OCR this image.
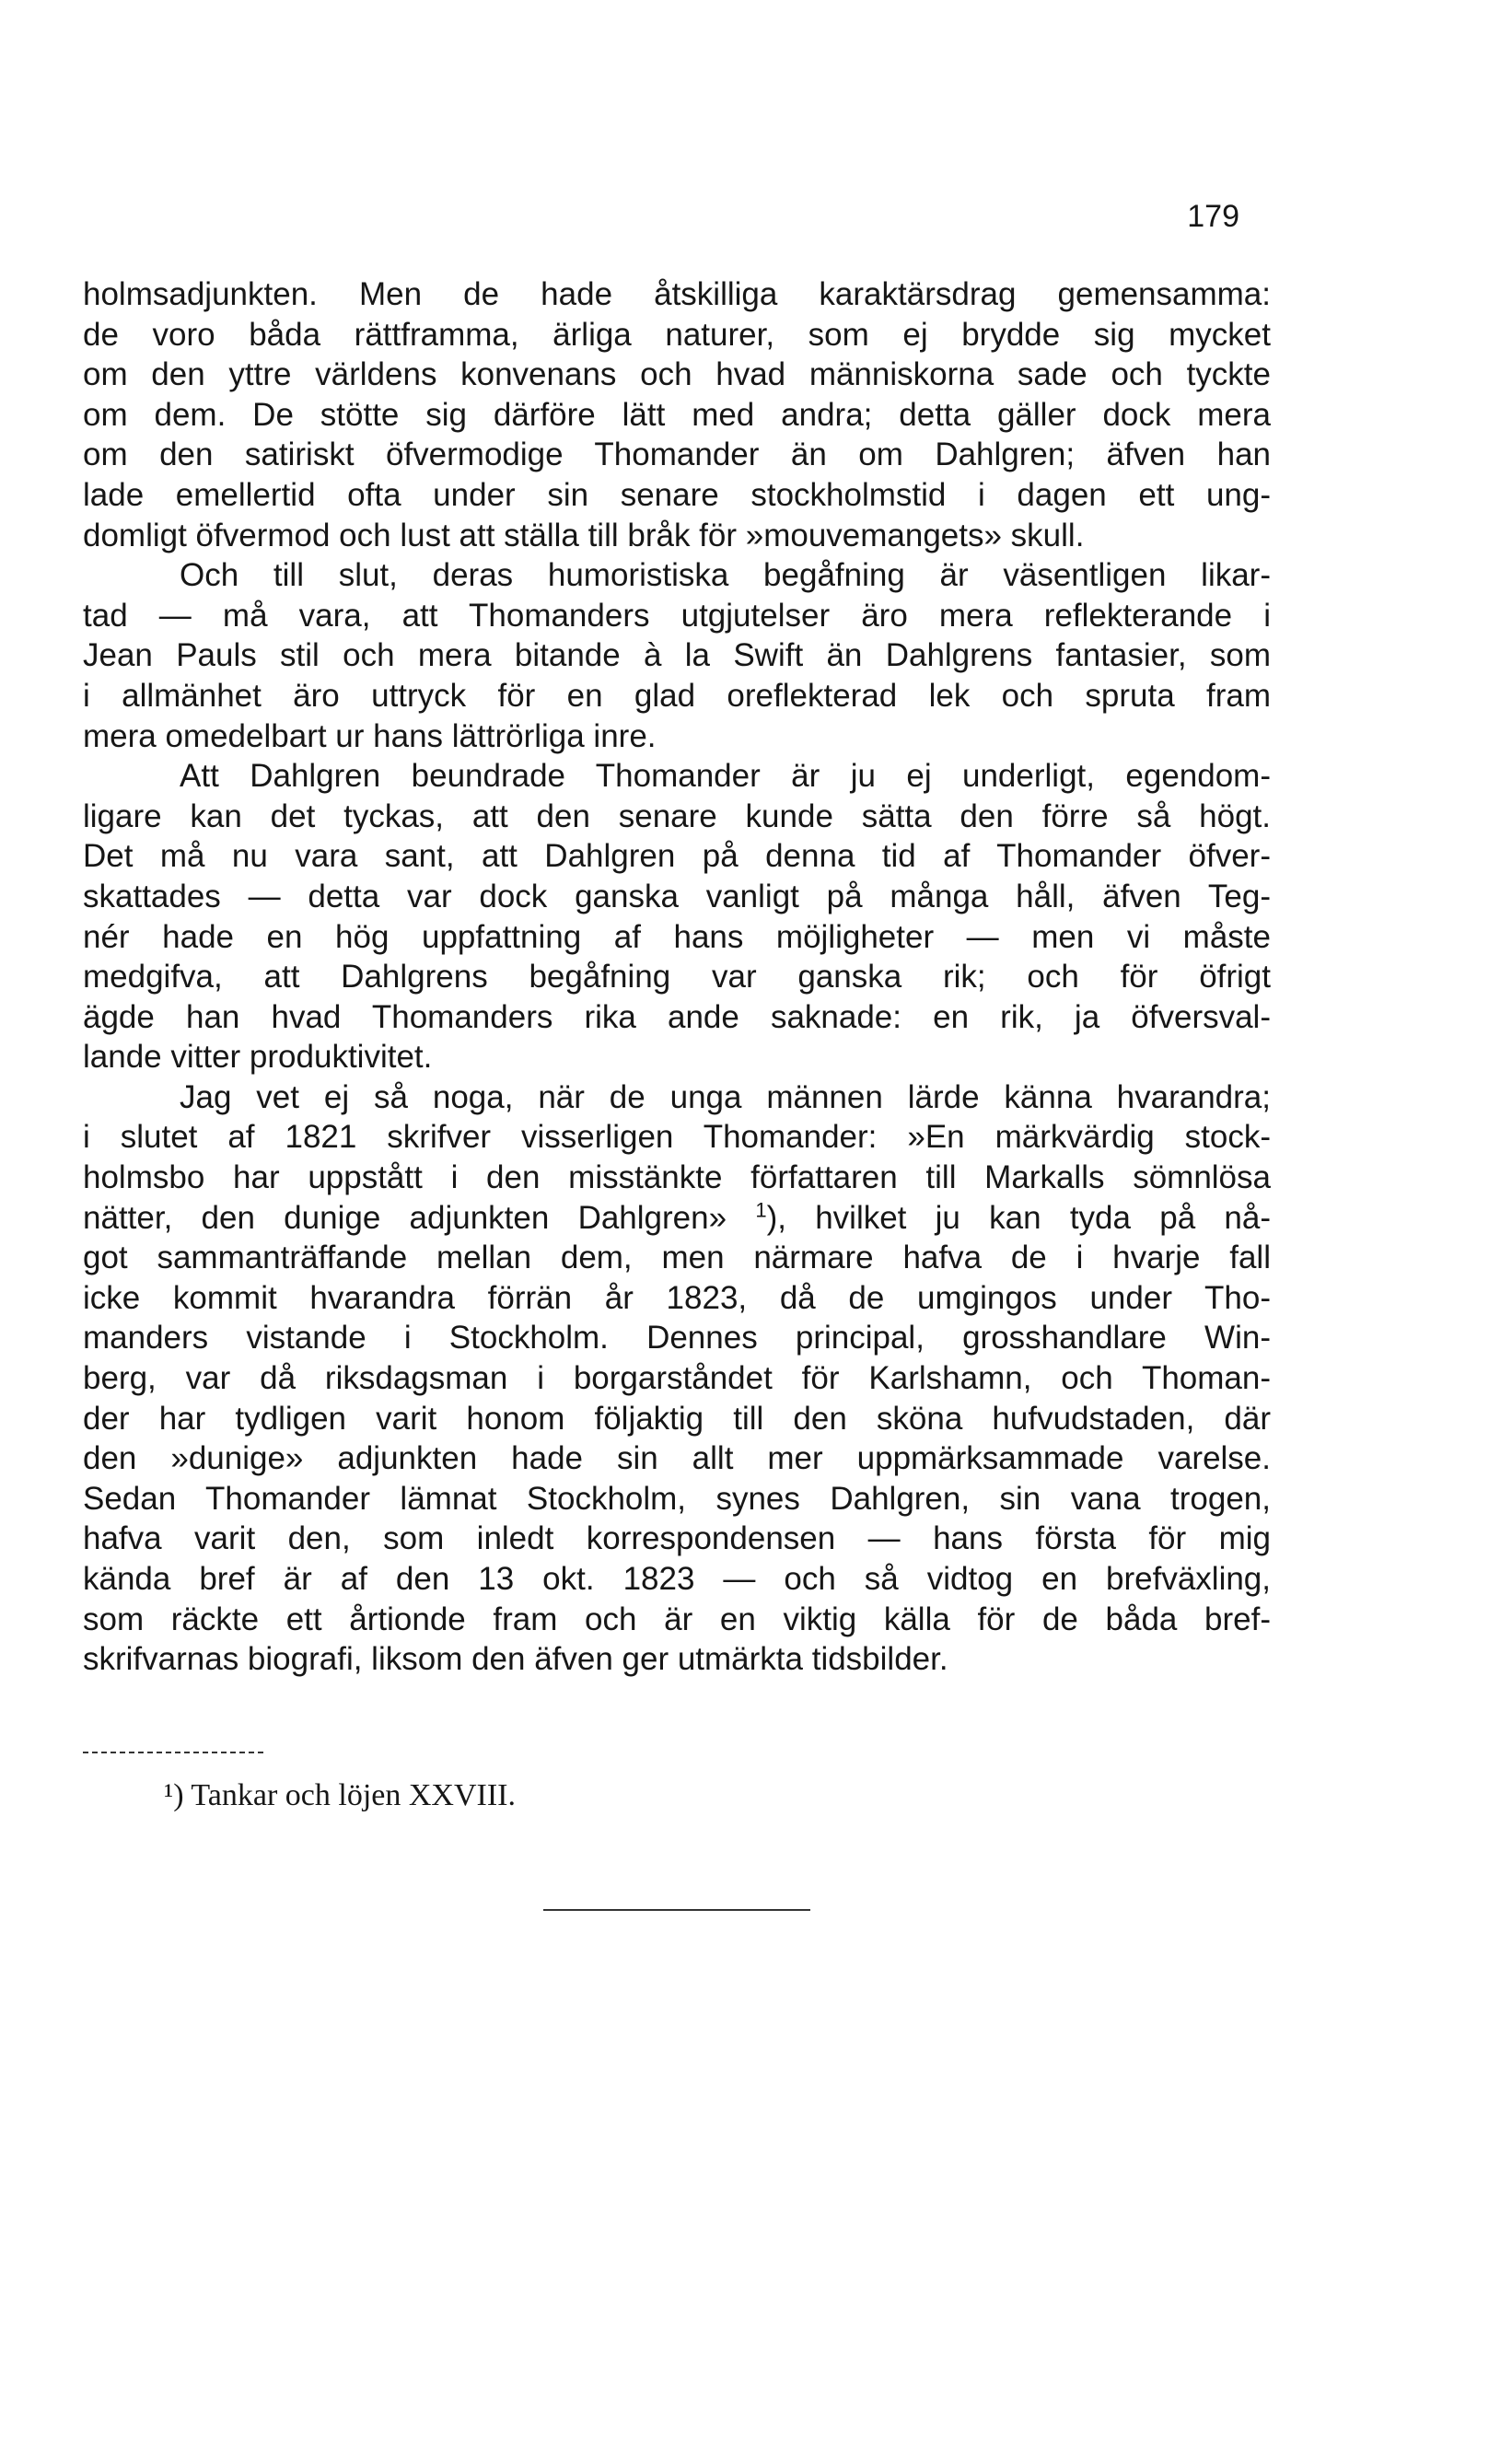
179
holmsadjunkten. Men de hade åtskilliga karaktärsdrag gemensamma:
de voro båda rättframma, ärliga naturer, som ej brydde sig mycket
om den yttre världens konvenans och hvad människorna sade och tyckte
om dem. De stötte sig därföre lätt med andra; detta gäller dock mera
om den satiriskt öfvermodige Thomander än om Dahlgren; äfven han
lade emellertid ofta under sin senare stockholmstid i dagen ett ung-
domligt öfvermod och lust att ställa till bråk för »mouvemangets» skull.
Och till slut, deras humoristiska begåfning är väsentligen likar-
tad — må vara, att Thomanders utgjutelser äro mera reflekterande i
Jean Pauls stil och mera bitande à la Swift än Dahlgrens fantasier, som
i allmänhet äro uttryck för en glad oreflekterad lek och spruta fram
mera omedelbart ur hans lättrörliga inre.
Att Dahlgren beundrade Thomander är ju ej underligt, egendom-
ligare kan det tyckas, att den senare kunde sätta den förre så högt.
Det må nu vara sant, att Dahlgren på denna tid af Thomander öfver-
skattades — detta var dock ganska vanligt på många håll, äfven Teg-
nér hade en hög uppfattning af hans möjligheter — men vi måste
medgifva, att Dahlgrens begåfning var ganska rik; och för öfrigt
ägde han hvad Thomanders rika ande saknade: en rik, ja öfversval-
lande vitter produktivitet.
Jag vet ej så noga, när de unga männen lärde känna hvarandra;
i slutet af 1821 skrifver visserligen Thomander: »En märkvärdig stock-
holmsbo har uppstått i den misstänkte författaren till Markalls sömnlösa
nätter, den dunige adjunkten Dahlgren» $^1$), hvilket ju kan tyda på nå-
got sammanträffande mellan dem, men närmare hafva de i hvarje fall
icke kommit hvarandra förrän år 1823, då de umgingos under Tho-
manders vistande i Stockholm. Dennes principal, grosshandlare Win-
berg, var då riksdagsman i borgarståndet för Karlshamn, och Thoman-
der har tydligen varit honom följaktig till den sköna hufvudstaden, där
den »dunige» adjunkten hade sin allt mer uppmärksammade varelse.
Sedan Thomander lämnat Stockholm, synes Dahlgren, sin vana trogen,
hafva varit den, som inledt korrespondensen — hans första för mig
kända bref är af den 13 okt. 1823 — och så vidtog en brefväxling,
som räckte ett årtionde fram och är en viktig källa för de båda bref-
skrifvarnas biografi, liksom den äfven ger utmärkta tidsbilder.
¹) Tankar och löjen XXVIII.
